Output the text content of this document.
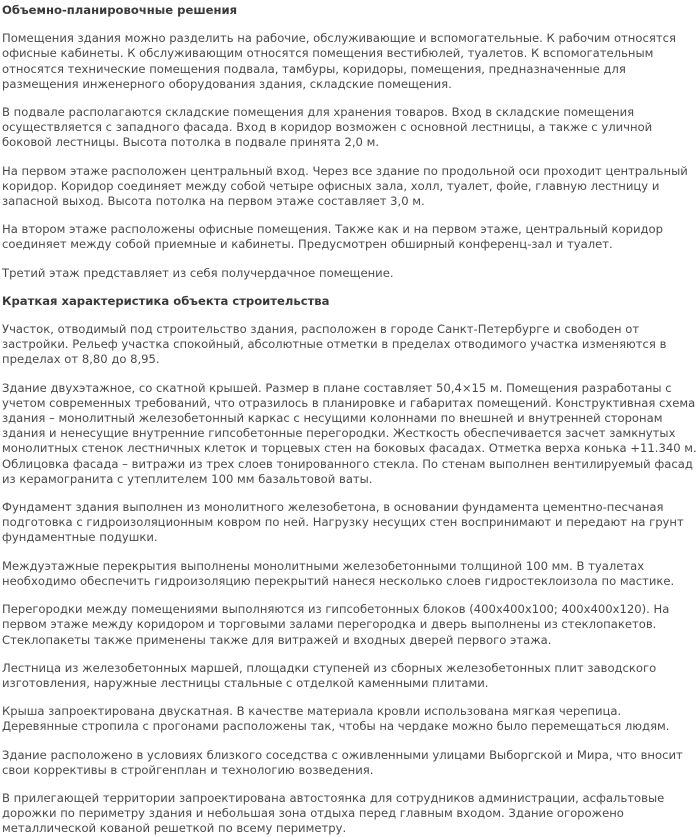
Объемно-планировочные решения
Помещения здания можно разделить на рабочие, обслуживающие и вспомогательные. К рабочим относятся офисные кабинеты. К обслуживающим относятся помещения вестибюлей, туалетов. К вспомогательным относятся технические помещения подвала, тамбуры, коридоры, помещения, предназначенные для размещения инженерного оборудования здания, складские помещения.
В подвале располагаются складские помещения для хранения товаров. Вход в складские помещения осуществляется с западного фасада. Вход в коридор возможен с основной лестницы, а также с уличной боковой лестницы. Высота потолка в подвале принята 2,0 м.
На первом этаже расположен центральный вход. Через все здание по продольной оси проходит центральный коридор. Коридор соединяет между собой четыре офисных зала, холл, туалет, фойе, главную лестницу и запасной выход. Высота потолка на первом этаже составляет 3,0 м.
На втором этаже расположены офисные помещения. Также как и на первом этаже, центральный коридор соединяет между собой приемные и кабинеты. Предусмотрен обширный конференц-зал и туалет.
Третий этаж представляет из себя получердачное помещение.
Краткая характеристика объекта строительства
Участок, отводимый под строительство здания, расположен в городе Санкт-Петербурге и свободен от застройки. Рельеф участка спокойный, абсолютные отметки в пределах отводимого участка изменяются в пределах от 8,80 до 8,95.
Здание двухэтажное, со скатной крышей. Размер в плане составляет 50,4×15 м. Помещения разработаны с учетом современных требований, что отразилось в планировке и габаритах помещений. Конструктивная схема здания – монолитный железобетонный каркас с несущими колоннами по внешней и внутренней сторонам здания и ненесущие внутренние гипсобетонные перегородки. Жесткость обеспечивается засчет замкнутых монолитных стенок лестничных клеток и торцевых стен на боковых фасадах. Отметка верха конька +11.340 м. Облицовка фасада – витражи из трех слоев тонированного стекла. По стенам выполнен вентилируемый фасад из керамогранита с утеплителем 100 мм базальтовой ваты.
Фундамент здания выполнен из монолитного железобетона, в основании фундамента цементно-песчаная подготовка с гидроизоляционным ковром по ней. Нагрузку несущих стен воспринимают и передают на грунт фундаментные подушки.
Междуэтажные перекрытия выполнены монолитными железобетонными толщиной 100 мм. В туалетах необходимо обеспечить гидроизоляцию перекрытий нанеся несколько слоев гидростеклоизола по мастике.
Перегородки между помещениями выполняются из гипсобетонных блоков (400x400x100; 400x400x120). На первом этаже между коридором и торговыми залами перегородка и дверь выполнены из стеклопакетов. Стеклопакеты также применены также для витражей и входных дверей первого этажа.
Лестница из железобетонных маршей, площадки ступеней из сборных железобетонных плит заводского изготовления, наружные лестницы стальные с отделкой каменными плитами.
Крыша запроектирована двускатная. В качестве материала кровли использована мягкая черепица. Деревянные стропила с прогонами расположены так, чтобы на чердаке можно было перемещаться людям.
Здание расположено в условиях близкого соседства с оживленными улицами Выборгской и Мира, что вносит свои коррективы в стройгенплан и технологию возведения.
В прилегающей территории запроектирована автостоянка для сотрудников администрации, асфальтовые дорожки по периметру здания и небольшая зона отдыха перед главным входом. Здание огорожено металлической кованой решеткой по всему периметру.
